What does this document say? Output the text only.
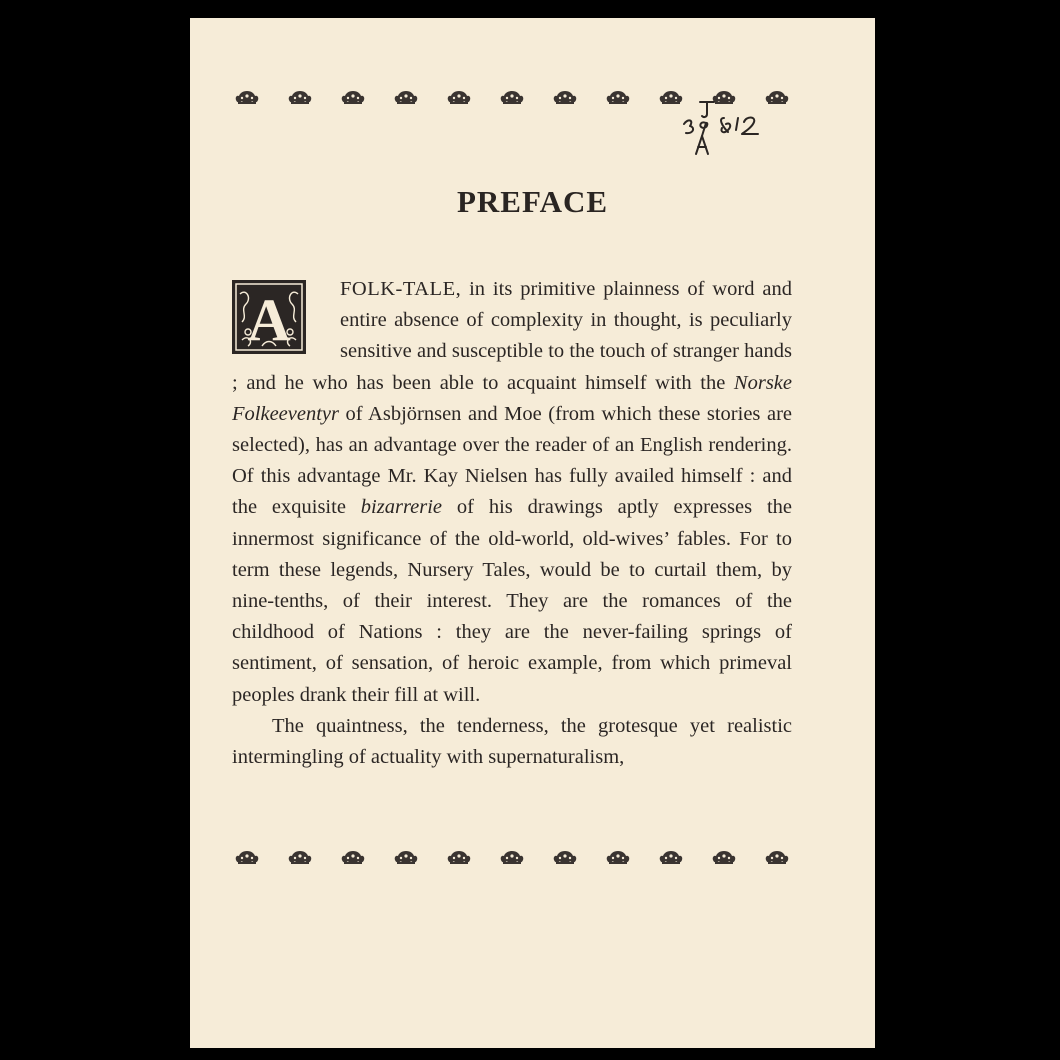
PREFACE

A FOLK-TALE, in its primitive plainness of word and entire absence of complexity in thought, is peculiarly sensitive and susceptible to the touch of stranger hands ; and he who has been able to acquaint himself with the Norske Folkeeventyr of Asbjörnsen and Moe (from which these stories are selected), has an advantage over the reader of an English rendering. Of this advantage Mr. Kay Nielsen has fully availed himself : and the exquisite bizarrerie of his drawings aptly expresses the innermost significance of the old-world, old-wives’ fables. For to term these legends, Nursery Tales, would be to curtail them, by nine-tenths, of their interest. They are the romances of the childhood of Nations : they are the never-failing springs of sentiment, of sensation, of heroic example, from which primeval peoples drank their fill at will.

The quaintness, the tenderness, the grotesque yet realistic intermingling of actuality with supernaturalism,
